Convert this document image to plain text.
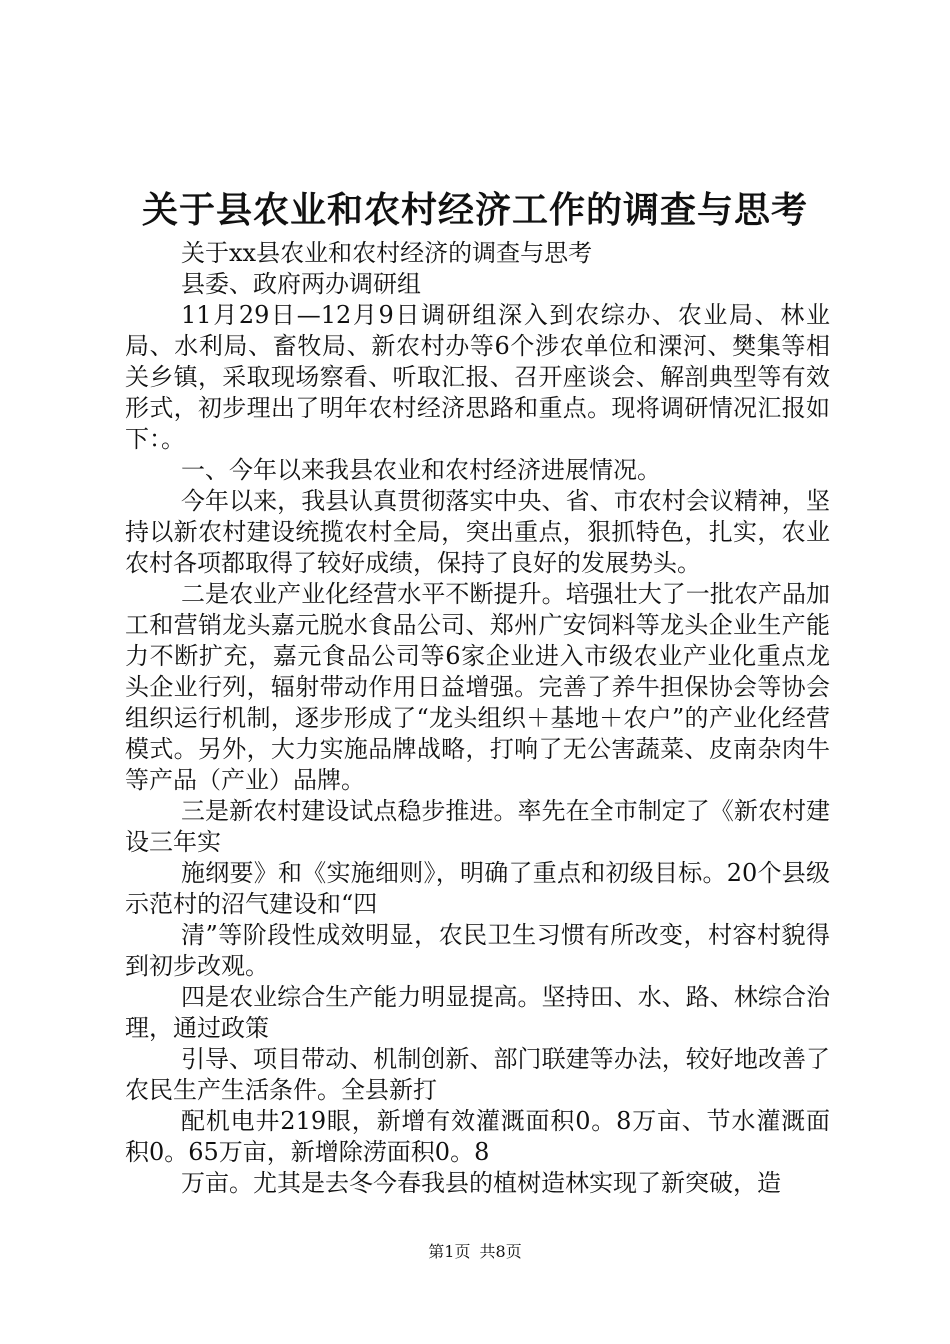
关于县农业和农村经济工作的调查与思考

关于xx县农业和农村经济的调查与思考

县委、政府两办调研组

11月29日—12月9日调研组深入到农综办、农业局、林业局、水利局、畜牧局、新农村办等6个涉农单位和溧河、樊集等相关乡镇，采取现场察看、听取汇报、召开座谈会、解剖典型等有效形式，初步理出了明年农村经济思路和重点。现将调研情况汇报如下：。

一、今年以来我县农业和农村经济进展情况。

今年以来，我县认真贯彻落实中央、省、市农村会议精神，坚持以新农村建设统揽农村全局，突出重点，狠抓特色，扎实，农业农村各项都取得了较好成绩，保持了良好的发展势头。

二是农业产业化经营水平不断提升。培强壮大了一批农产品加工和营销龙头嘉元脱水食品公司、郑州广安饲料等龙头企业生产能力不断扩充，嘉元食品公司等6家企业进入市级农业产业化重点龙头企业行列，辐射带动作用日益增强。完善了养牛担保协会等协会组织运行机制，逐步形成了“龙头组织＋基地＋农户”的产业化经营模式。另外，大力实施品牌战略，打响了无公害蔬菜、皮南杂肉牛等产品（产业）品牌。

三是新农村建设试点稳步推进。率先在全市制定了《新农村建设三年实

施纲要》和《实施细则》，明确了重点和初级目标。20个县级示范村的沼气建设和“四

清”等阶段性成效明显，农民卫生习惯有所改变，村容村貌得到初步改观。

四是农业综合生产能力明显提高。坚持田、水、路、林综合治理，通过政策

引导、项目带动、机制创新、部门联建等办法，较好地改善了农民生产生活条件。全县新打

配机电井219眼，新增有效灌溉面积0。8万亩、节水灌溉面积0。65万亩，新增除涝面积0。8

万亩。尤其是去冬今春我县的植树造林实现了新突破，造

第1页 共8页
